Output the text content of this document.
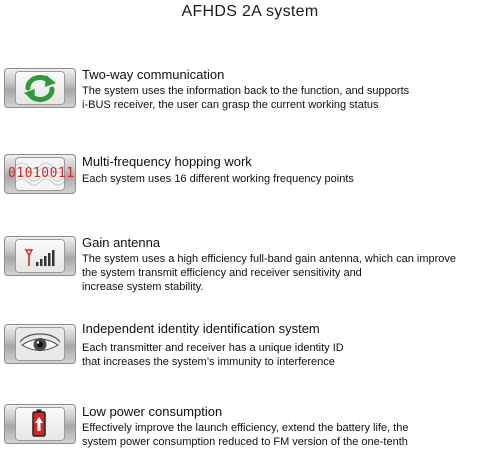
AFHDS 2A system
Two-way communication
The system uses the information back to the function, and supports
i-BUS receiver, the user can grasp the current working status
01010011
Multi-frequency hopping work
Each system uses 16 different working frequency points
Gain antenna
The system uses a high efficiency full-band gain antenna, which can improve
the system transmit efficiency and receiver sensitivity and
increase system stability.
Independent identity identification system
Each transmitter and receiver has a unique identity ID
that increases the system’s immunity to interference
Low power consumption
Effectively improve the launch efficiency, extend the battery life, the
system power consumption reduced to FM version of the one-tenth
